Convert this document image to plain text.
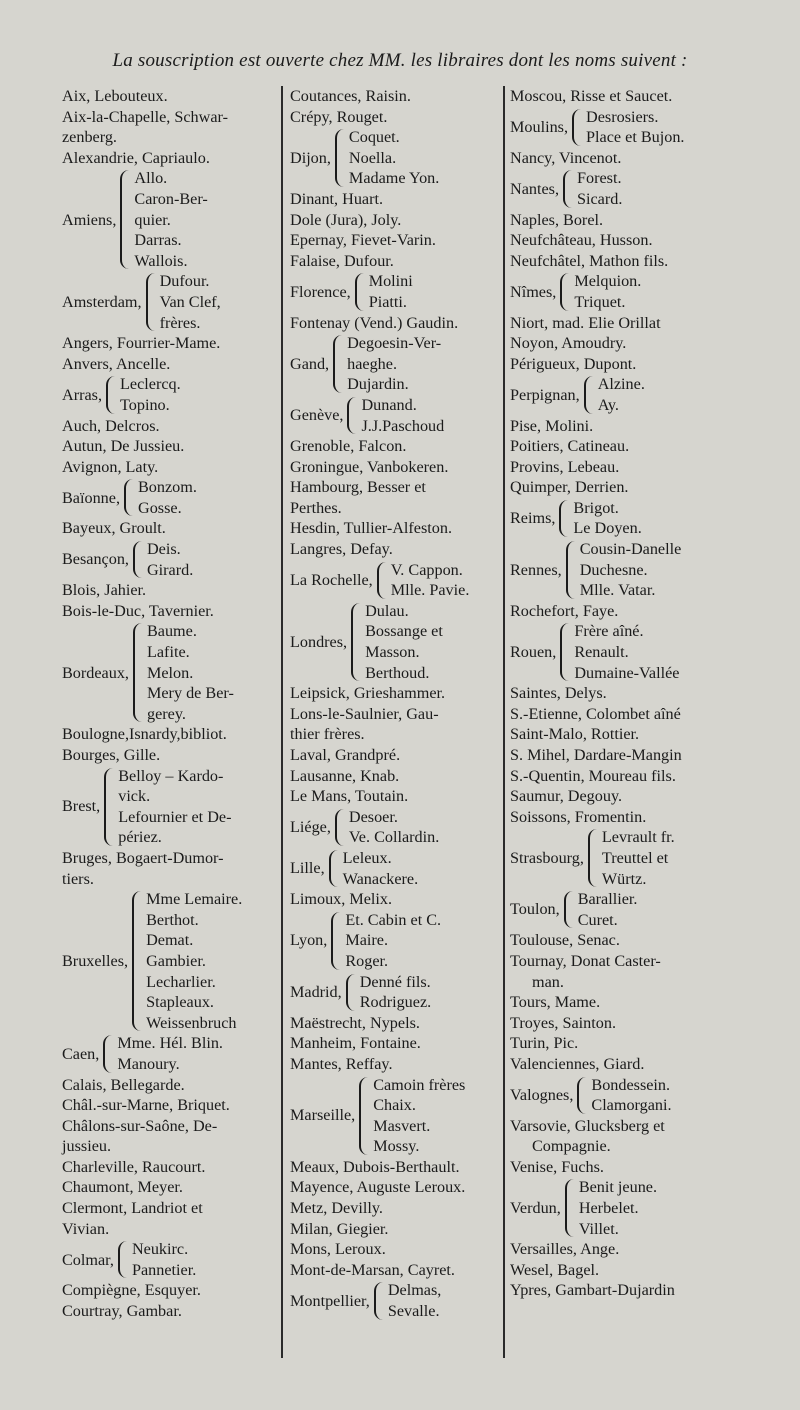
La souscription est ouverte chez MM. les libraires dont les noms suivent :
Aix, Lebouteux.
Aix-la-Chapelle, Schwar-
zenberg.
Alexandrie, Capriaulo.
Amiens,
Allo.
Caron-Ber-
quier.
Darras.
Wallois.
Amsterdam,
Dufour.
Van Clef,
frères.
Angers, Fourrier-Mame.
Anvers, Ancelle.
Arras,
Leclercq.
Topino.
Auch, Delcros.
Autun, De Jussieu.
Avignon, Laty.
Baïonne,
Bonzom.
Gosse.
Bayeux, Groult.
Besançon,
Deis.
Girard.
Blois, Jahier.
Bois-le-Duc, Tavernier.
Bordeaux,
Baume.
Lafite.
Melon.
Mery de Ber-
gerey.
Boulogne,Isnardy,bibliot.
Bourges, Gille.
Brest,
Belloy – Kardo-
vick.
Lefournier et De-
périez.
Bruges, Bogaert-Dumor-
tiers.
Bruxelles,
Mme Lemaire.
Berthot.
Demat.
Gambier.
Lecharlier.
Stapleaux.
Weissenbruch
Caen,
Mme. Hél. Blin.
Manoury.
Calais, Bellegarde.
Châl.-sur-Marne, Briquet.
Châlons-sur-Saône, De-
jussieu.
Charleville, Raucourt.
Chaumont, Meyer.
Clermont, Landriot et
Vivian.
Colmar,
Neukirc.
Pannetier.
Compiègne, Esquyer.
Courtray, Gambar.
Coutances, Raisin.
Crépy, Rouget.
Dijon,
Coquet.
Noella.
Madame Yon.
Dinant, Huart.
Dole (Jura), Joly.
Epernay, Fievet-Varin.
Falaise, Dufour.
Florence,
Molini
Piatti.
Fontenay (Vend.) Gaudin.
Gand,
Degoesin-Ver-
haeghe.
Dujardin.
Genève,
Dunand.
J.J.Paschoud
Grenoble, Falcon.
Groningue, Vanbokeren.
Hambourg, Besser et
Perthes.
Hesdin, Tullier-Alfeston.
Langres, Defay.
La Rochelle,
V. Cappon.
Mlle. Pavie.
Londres,
Dulau.
Bossange et
Masson.
Berthoud.
Leipsick, Grieshammer.
Lons-le-Saulnier, Gau-
thier frères.
Laval, Grandpré.
Lausanne, Knab.
Le Mans, Toutain.
Liége,
Desoer.
Ve. Collardin.
Lille,
Leleux.
Wanackere.
Limoux, Melix.
Lyon,
Et. Cabin et C.
Maire.
Roger.
Madrid,
Denné fils.
Rodriguez.
Maëstrecht, Nypels.
Manheim, Fontaine.
Mantes, Reffay.
Marseille,
Camoin frères
Chaix.
Masvert.
Mossy.
Meaux, Dubois-Berthault.
Mayence, Auguste Leroux.
Metz, Devilly.
Milan, Giegier.
Mons, Leroux.
Mont-de-Marsan, Cayret.
Montpellier,
Delmas,
Sevalle.
Moscou, Risse et Saucet.
Moulins,
Desrosiers.
Place et Bujon.
Nancy, Vincenot.
Nantes,
Forest.
Sicard.
Naples, Borel.
Neufchâteau, Husson.
Neufchâtel, Mathon fils.
Nîmes,
Melquion.
Triquet.
Niort, mad. Elie Orillat
Noyon, Amoudry.
Périgueux, Dupont.
Perpignan,
Alzine.
Ay.
Pise, Molini.
Poitiers, Catineau.
Provins, Lebeau.
Quimper, Derrien.
Reims,
Brigot.
Le Doyen.
Rennes,
Cousin-Danelle
Duchesne.
Mlle. Vatar.
Rochefort, Faye.
Rouen,
Frère aîné.
Renault.
Dumaine-Vallée
Saintes, Delys.
S.-Etienne, Colombet aîné
Saint-Malo, Rottier.
S. Mihel, Dardare-Mangin
S.-Quentin, Moureau fils.
Saumur, Degouy.
Soissons, Fromentin.
Strasbourg,
Levrault fr.
Treuttel et
Würtz.
Toulon,
Barallier.
Curet.
Toulouse, Senac.
Tournay, Donat Caster-
man.
Tours, Mame.
Troyes, Sainton.
Turin, Pic.
Valenciennes, Giard.
Valognes,
Bondessein.
Clamorgani.
Varsovie, Glucksberg et
Compagnie.
Venise, Fuchs.
Verdun,
Benit jeune.
Herbelet.
Villet.
Versailles, Ange.
Wesel, Bagel.
Ypres, Gambart-Dujardin
